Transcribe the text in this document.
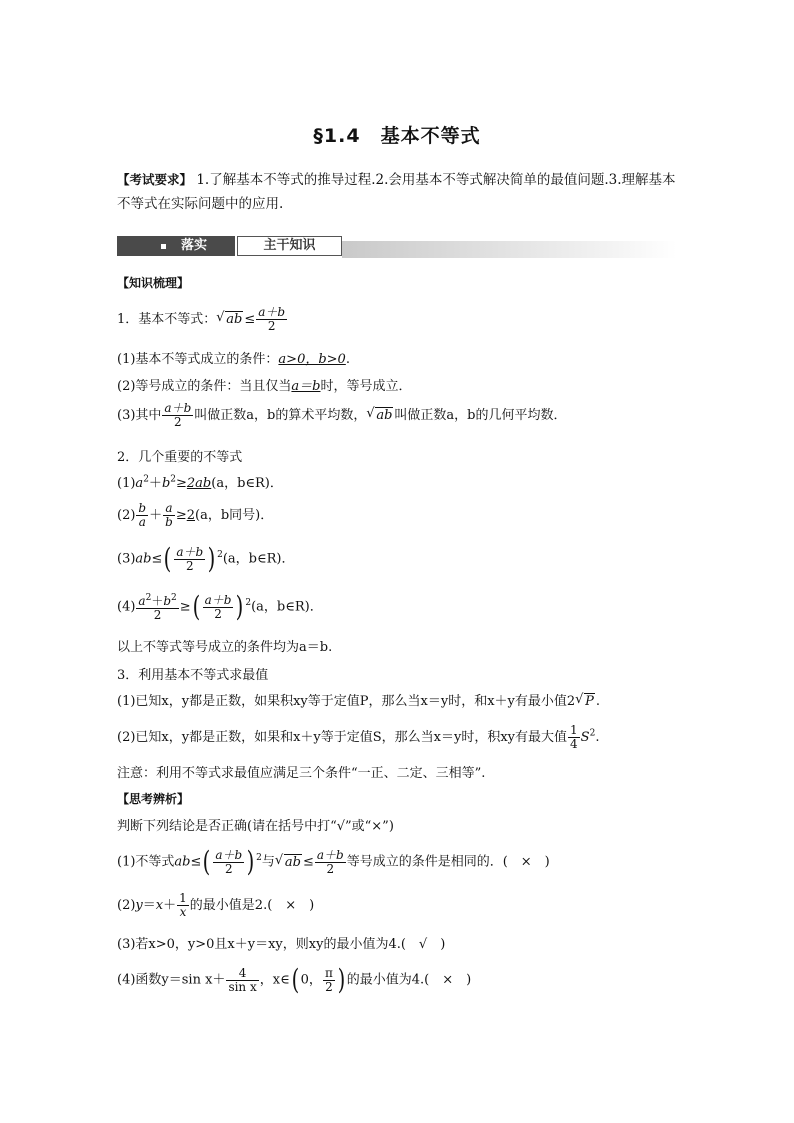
§1.4　基本不等式
【考试要求】 1.了解基本不等式的推导过程.2.会用基本不等式解决简单的最值问题.3.理解基本不等式在实际问题中的应用.
落实	主干知识
【知识梳理】
1．基本不等式： √ ab ≤ $\frac{a+b}{2}$
(1)基本不等式成立的条件：a>0，b>0.
(2)等号成立的条件：当且仅当a＝b时，等号成立．
(3)其中 $\frac{a+b}{2}$ 叫做正数a，b的算术平均数， √ ab 叫做正数a，b的几何平均数．
2．几个重要的不等式
$(1)a^2+b^2\ge 2ab(a$，b∈R)．
$(2) \frac{b}{a} + \frac{a}{b} \ge 2(a$，b同号)．
$(3)ab\le( \frac{a+b}{2}$ ) $^2$(a，b∈R)．
$(4) \frac{a^2+b^2}{2}$ ≥( $\frac{a+b}{2}$ ) $^2$(a，b∈R)．
以上不等式等号成立的条件均为a＝b.
3．利用基本不等式求最值
(1)已知x，y都是正数，如果积xy等于定值P，那么当x＝y时，和x＋y有最小值2 √ P .
(2)已知x，y都是正数，如果和x＋y等于定值S，那么当x＝y时，积xy有最大值 $\frac{1}{4} S^2$.
注意：利用不等式求最值应满足三个条件“一正、二定、三相等”.
【思考辨析】
判断下列结论是否正确(请在括号中打“√”或“×”)
(1)不等式$ab\le( \frac{a+b}{2}$ ) $^2$与 √ ab ≤ $\frac{a+b}{2}$ 等号成立的条件是相同的．(　×　)
$(2)y=x+ \frac{1}{x}$ 的最小值是2.(　×　)
(3)若x>0，y>0且x＋y＝xy，则xy的最小值为4.(　√　)
(4)函数y＝sin $x+ \frac{4}{\text{sin x}}$ ，x∈( 0， $\frac{\pi}{2}$ ) 的最小值为4.(　×　)
